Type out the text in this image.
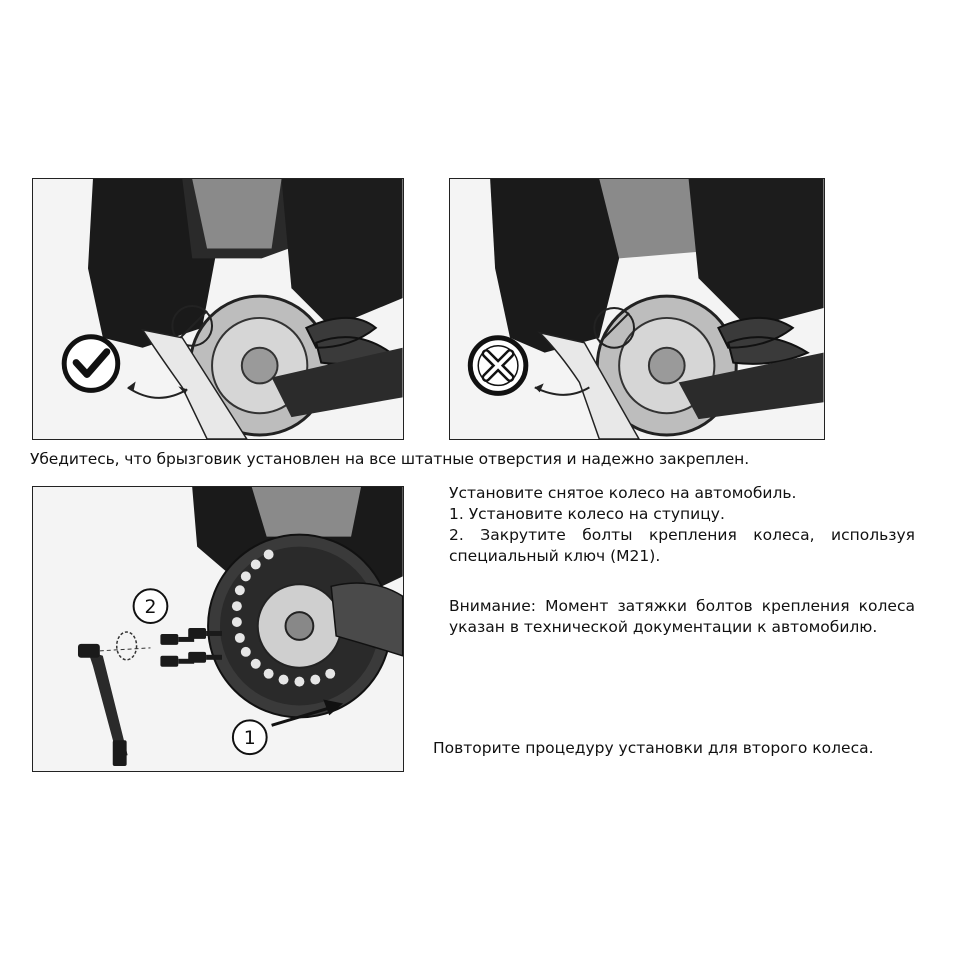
Убедитесь, что брызговик установлен на все штатные отверстия и надежно закреплен.
1
2

Установите снятое колесо на автомобиль.

1. Установите колесо на ступицу.

2. Закрутите болты крепления колеса, используя специальный ключ (М21).

Внимание: Момент затяжки болтов крепления колеса указан в технической документации к автомобилю.

Повторите процедуру установки для второго колеса.
